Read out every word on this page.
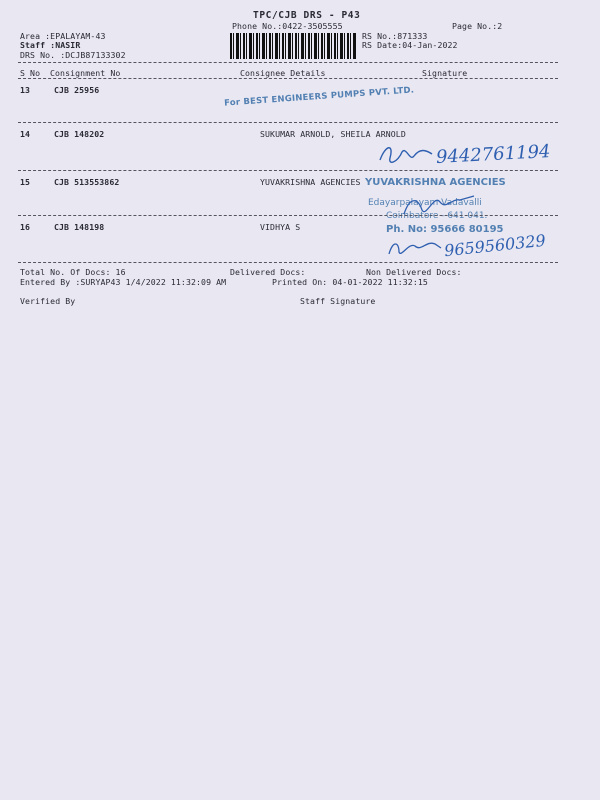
TPC/CJB DRS - P43
Phone No.:0422-3505555	Page No.:2
Area :EPALAYAM-43
Staff :NASIR
DRS No. :DCJB87133302
RS No.:871333
RS Date:04-Jan-2022
S No Consignment No	Consignee Details	Signature
13	CJB 25956	For BEST ENGINEERS PUMPS PVT. LTD.
14	CJB 148202	SUKUMAR ARNOLD, SHEILA ARNOLD
9442761194
15	CJB 513553862	YUVAKRISHNA AGENCIES YUVAKRISHNA AGENCIES
Edayarpalayam Vadavalli
Coimbatore - 641 041.
16	CJB 148198	VIDHYA S	Ph. No: 95666 80195
9659560329
Total No. Of Docs: 16	Delivered Docs:	Non Delivered Docs:
Entered By :SURYAP43 1/4/2022 11:32:09 AM	Printed On: 04-01-2022 11:32:15
Verified By	Staff Signature
